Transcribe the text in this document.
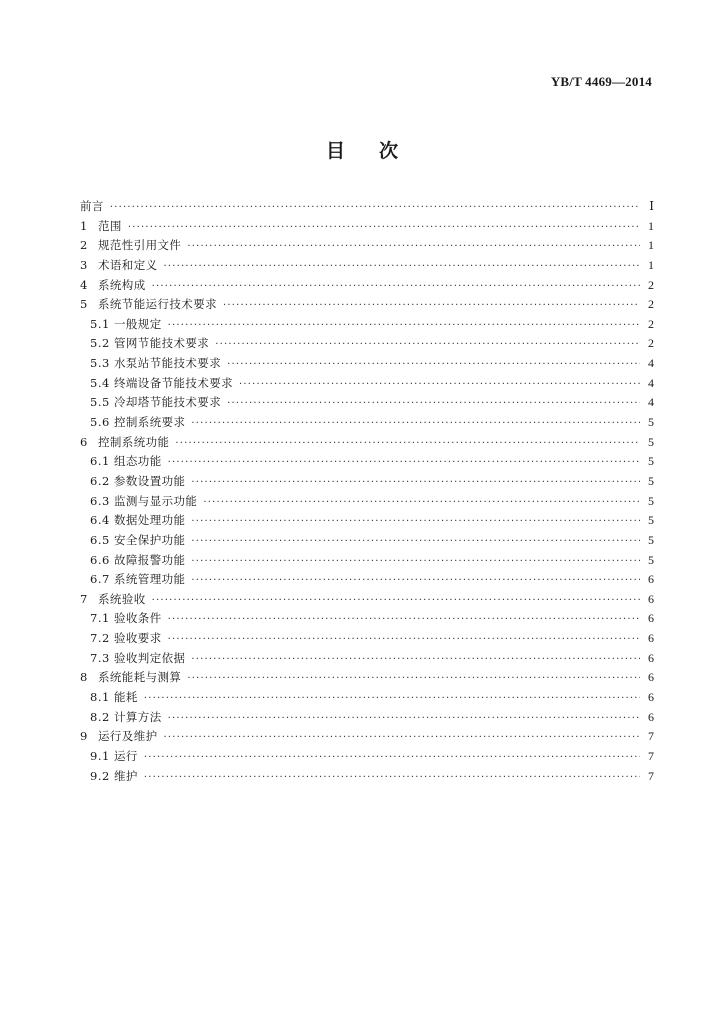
YB/T 4469—2014
目 次
前言 ·····	Ⅰ
1 范围 ·····	1
2 规范性引用文件 ·····	1
3 术语和定义 ·····	1
4 系统构成 ·····	2
5 系统节能运行技术要求 ·····	2
5.1 一般规定 ·····	2
5.2 管网节能技术要求 ·····	2
5.3 水泵站节能技术要求 ·····	4
5.4 终端设备节能技术要求 ·····	4
5.5 冷却塔节能技术要求 ·····	4
5.6 控制系统要求 ·····	5
6 控制系统功能 ·····	5
6.1 组态功能 ·····	5
6.2 参数设置功能 ·····	5
6.3 监测与显示功能 ·····	5
6.4 数据处理功能 ·····	5
6.5 安全保护功能 ·····	5
6.6 故障报警功能 ·····	5
6.7 系统管理功能 ·····	6
7 系统验收 ·····	6
7.1 验收条件 ·····	6
7.2 验收要求 ·····	6
7.3 验收判定依据 ·····	6
8 系统能耗与测算 ·····	6
8.1 能耗 ·····	6
8.2 计算方法 ·····	6
9 运行及维护 ·····	7
9.1 运行 ·····	7
9.2 维护 ·····	7
